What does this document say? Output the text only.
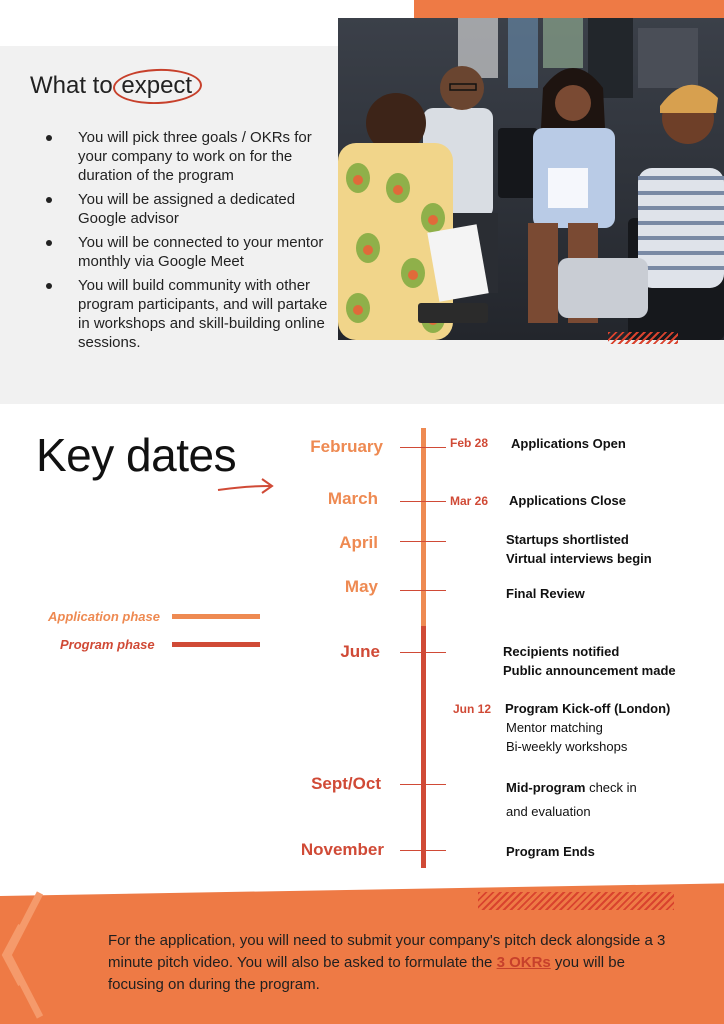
What to expect
You will pick three goals / OKRs for your company to work on for the duration of the program
You will be assigned a dedicated Google advisor
You will be connected to your mentor monthly via Google Meet
You will build community with other program participants, and will partake in workshops and skill-building online sessions.
Key dates
Application phase
Program phase
February
March
April
May
June
Sept/Oct
November
Feb 28
Mar 26
Jun 12
Applications Open
Applications Close
Startups shortlisted
Virtual interviews begin
Final Review
Recipients notified
Public announcement made
Program Kick-off (London)
Mentor matching
Bi-weekly workshops
Mid-program check in
and evaluation
Program Ends
For the application, you will need to submit your company's pitch deck alongside a 3 minute pitch video. You will also be asked to formulate the 3 OKRs you will be focusing on during the program.
